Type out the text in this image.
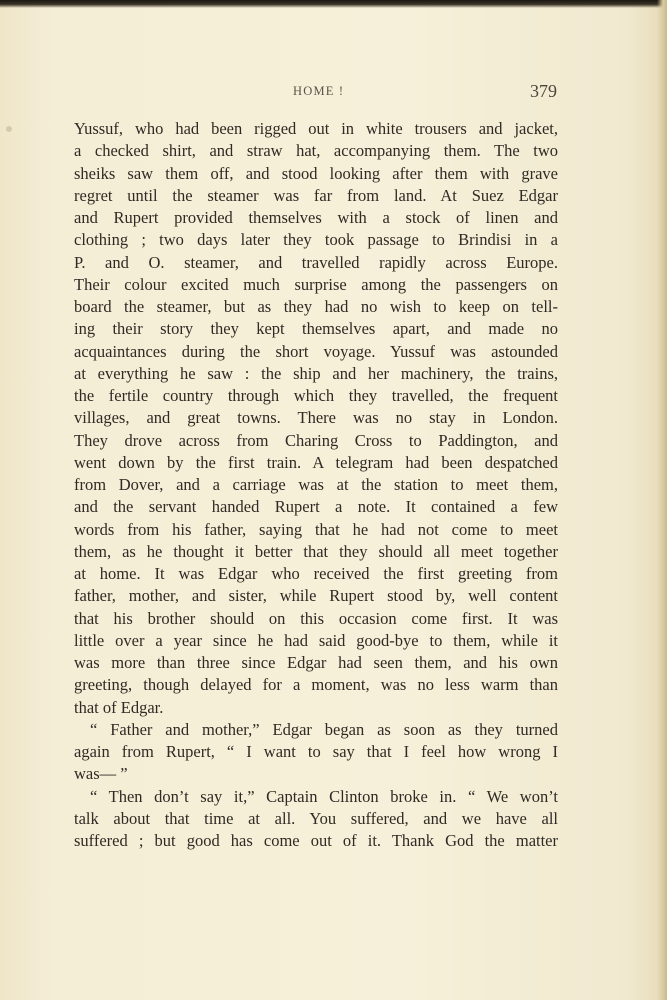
HOME !	379
Yussuf, who had been rigged out in white trousers and jacket,
a checked shirt, and straw hat, accompanying them. The two
sheiks saw them off, and stood looking after them with grave
regret until the steamer was far from land. At Suez Edgar
and Rupert provided themselves with a stock of linen and
clothing ; two days later they took passage to Brindisi in a
P. and O. steamer, and travelled rapidly across Europe.
Their colour excited much surprise among the passengers on
board the steamer, but as they had no wish to keep on tell-
ing their story they kept themselves apart, and made no
acquaintances during the short voyage. Yussuf was astounded
at everything he saw : the ship and her machinery, the trains,
the fertile country through which they travelled, the frequent
villages, and great towns. There was no stay in London.
They drove across from Charing Cross to Paddington, and
went down by the first train. A telegram had been despatched
from Dover, and a carriage was at the station to meet them,
and the servant handed Rupert a note. It contained a few
words from his father, saying that he had not come to meet
them, as he thought it better that they should all meet together
at home. It was Edgar who received the first greeting from
father, mother, and sister, while Rupert stood by, well content
that his brother should on this occasion come first. It was
little over a year since he had said good-bye to them, while it
was more than three since Edgar had seen them, and his own
greeting, though delayed for a moment, was no less warm than
that of Edgar.
“ Father and mother,” Edgar began as soon as they turned
again from Rupert, “ I want to say that I feel how wrong I
was— ”
“ Then don’t say it,” Captain Clinton broke in. “ We won’t
talk about that time at all. You suffered, and we have all
suffered ; but good has come out of it. Thank God the matter
